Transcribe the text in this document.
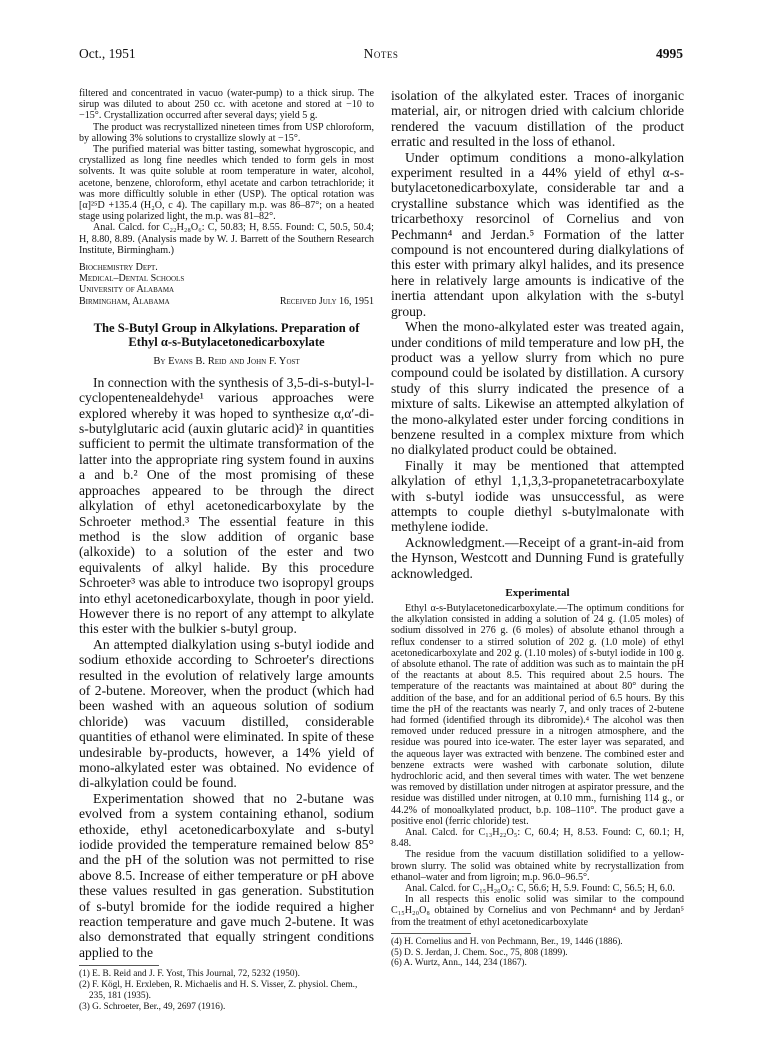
Oct., 1951	Notes	4995

filtered and concentrated in vacuo (water-pump) to a thick sirup. The sirup was diluted to about 250 cc. with acetone and stored at −10 to −15°. Crystallization occurred after several days; yield 5 g.

The product was recrystallized nineteen times from USP chloroform, by allowing 3% solutions to crystallize slowly at −15°.

The purified material was bitter tasting, somewhat hygroscopic, and crystallized as long fine needles which tended to form gels in most solvents. It was quite soluble at room temperature in water, alcohol, acetone, benzene, chloroform, ethyl acetate and carbon tetrachloride; it was more difficultly soluble in ether (USP). The optical rotation was [α]²⁵D +135.4 (H₂O, c 4). The capillary m.p. was 86–87°; on a heated stage using polarized light, the m.p. was 81–82°.

Anal. Calcd. for C₂₂H₂₈O₆: C, 50.83; H, 8.55. Found: C, 50.5, 50.4; H, 8.80, 8.89. (Analysis made by W. J. Barrett of the Southern Research Institute, Birmingham.)

Biochemistry Dept.
Medical–Dental Schools
University of Alabama
Birmingham, Alabama	Received July 16, 1951
The S-Butyl Group in Alkylations. Preparation of Ethyl α-s-Butylacetonedicarboxylate
By Evans B. Reid and John F. Yost

In connection with the synthesis of 3,5-di-s-butyl-l-cyclopentenealdehyde¹ various approaches were explored whereby it was hoped to synthesize α,α′-di-s-butylglutaric acid (auxin glutaric acid)² in quantities sufficient to permit the ultimate transformation of the latter into the appropriate ring system found in auxins a and b.² One of the most promising of these approaches appeared to be through the direct alkylation of ethyl acetonedicarboxylate by the Schroeter method.³ The essential feature in this method is the slow addition of organic base (alkoxide) to a solution of the ester and two equivalents of alkyl halide. By this procedure Schroeter³ was able to introduce two isopropyl groups into ethyl acetonedicarboxylate, though in poor yield. However there is no report of any attempt to alkylate this ester with the bulkier s-butyl group.

An attempted dialkylation using s-butyl iodide and sodium ethoxide according to Schroeter's directions resulted in the evolution of relatively large amounts of 2-butene. Moreover, when the product (which had been washed with an aqueous solution of sodium chloride) was vacuum distilled, considerable quantities of ethanol were eliminated. In spite of these undesirable by-products, however, a 14% yield of mono-alkylated ester was obtained. No evidence of di-alkylation could be found.

Experimentation showed that no 2-butane was evolved from a system containing ethanol, sodium ethoxide, ethyl acetonedicarboxylate and s-butyl iodide provided the temperature remained below 85° and the pH of the solution was not permitted to rise above 8.5. Increase of either temperature or pH above these values resulted in gas generation. Substitution of s-butyl bromide for the iodide required a higher reaction temperature and gave much 2-butene. It was also demonstrated that equally stringent conditions applied to the

(1) E. B. Reid and J. F. Yost, This Journal, 72, 5232 (1950).
(2) F. Kögl, H. Erxleben, R. Michaelis and H. S. Visser, Z. physiol. Chem., 235, 181 (1935).
(3) G. Schroeter, Ber., 49, 2697 (1916).

isolation of the alkylated ester. Traces of inorganic material, air, or nitrogen dried with calcium chloride rendered the vacuum distillation of the product erratic and resulted in the loss of ethanol.

Under optimum conditions a mono-alkylation experiment resulted in a 44% yield of ethyl α-s-butylacetonedicarboxylate, considerable tar and a crystalline substance which was identified as the tricarbethoxy resorcinol of Cornelius and von Pechmann⁴ and Jerdan.⁵ Formation of the latter compound is not encountered during dialkylations of this ester with primary alkyl halides, and its presence here in relatively large amounts is indicative of the inertia attendant upon alkylation with the s-butyl group.

When the mono-alkylated ester was treated again, under conditions of mild temperature and low pH, the product was a yellow slurry from which no pure compound could be isolated by distillation. A cursory study of this slurry indicated the presence of a mixture of salts. Likewise an attempted alkylation of the mono-alkylated ester under forcing conditions in benzene resulted in a complex mixture from which no dialkylated product could be obtained.

Finally it may be mentioned that attempted alkylation of ethyl 1,1,3,3-propanetetracarboxylate with s-butyl iodide was unsuccessful, as were attempts to couple diethyl s-butylmalonate with methylene iodide.

Acknowledgment.—Receipt of a grant-in-aid from the Hynson, Westcott and Dunning Fund is gratefully acknowledged.

Experimental

Ethyl α-s-Butylacetonedicarboxylate.—The optimum conditions for the alkylation consisted in adding a solution of 24 g. (1.05 moles) of sodium dissolved in 276 g. (6 moles) of absolute ethanol through a reflux condenser to a stirred solution of 202 g. (1.0 mole) of ethyl acetonedicarboxylate and 202 g. (1.10 moles) of s-butyl iodide in 100 g. of absolute ethanol. The rate of addition was such as to maintain the pH of the reactants at about 8.5. This required about 2.5 hours. The temperature of the reactants was maintained at about 80° during the addition of the base, and for an additional period of 6.5 hours. By this time the pH of the reactants was nearly 7, and only traces of 2-butene had formed (identified through its dibromide).⁴ The alcohol was then removed under reduced pressure in a nitrogen atmosphere, and the residue was poured into ice-water. The ester layer was separated, and the aqueous layer was extracted with benzene. The combined ester and benzene extracts were washed with carbonate solution, dilute hydrochloric acid, and then several times with water. The wet benzene was removed by distillation under nitrogen at aspirator pressure, and the residue was distilled under nitrogen, at 0.10 mm., furnishing 114 g., or 44.2% of monoalkylated product, b.p. 108–110°. The product gave a positive enol (ferric chloride) test.

Anal. Calcd. for C₁₃H₂₂O₅: C, 60.4; H, 8.53. Found: C, 60.1; H, 8.48.

The residue from the vacuum distillation solidified to a yellow-brown slurry. The solid was obtained white by recrystallization from ethanol–water and from ligroin; m.p. 96.0–96.5°.

Anal. Calcd. for C₁₅H₂₀O₈: C, 56.6; H, 5.9. Found: C, 56.5; H, 6.0.

In all respects this enolic solid was similar to the compound C₁₅H₂₀O₈ obtained by Cornelius and von Pechmann⁴ and by Jerdan⁵ from the treatment of ethyl acetonedicarboxylate

(4) H. Cornelius and H. von Pechmann, Ber., 19, 1446 (1886).
(5) D. S. Jerdan, J. Chem. Soc., 75, 808 (1899).
(6) A. Wurtz, Ann., 144, 234 (1867).
